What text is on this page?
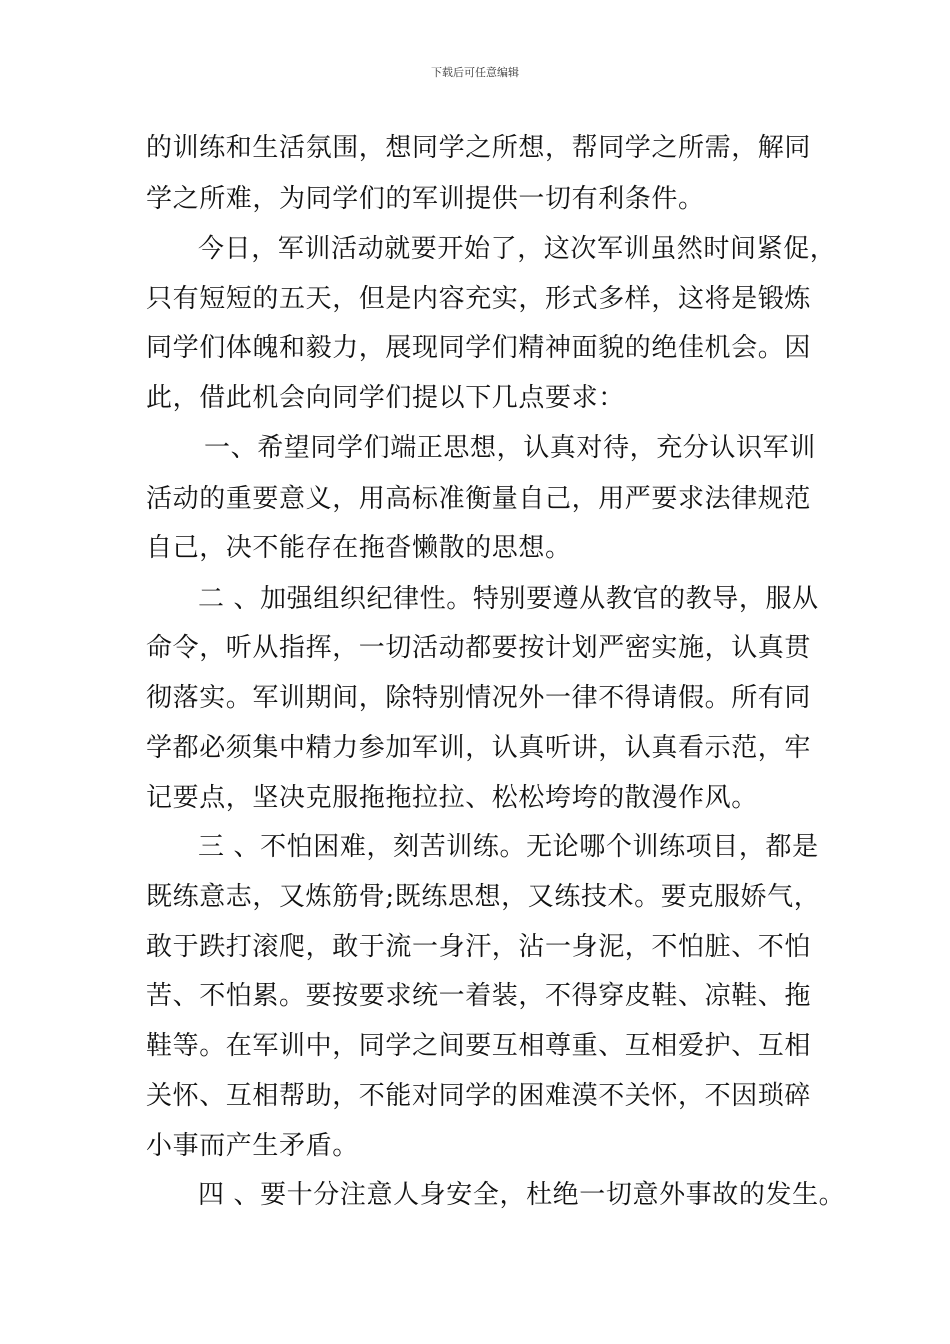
下载后可任意编辑
的训练和生活氛围，想同学之所想，帮同学之所需，解同
学之所难，为同学们的军训提供一切有利条件。
今日，军训活动就要开始了，这次军训虽然时间紧促，
只有短短的五天，但是内容充实，形式多样，这将是锻炼
同学们体魄和毅力，展现同学们精神面貌的绝佳机会。因
此，借此机会向同学们提以下几点要求：
一、希望同学们端正思想，认真对待，充分认识军训
活动的重要意义，用高标准衡量自己，用严要求法律规范
自己，决不能存在拖沓懒散的思想。
二 、加强组织纪律性。特别要遵从教官的教导，服从
命令，听从指挥，一切活动都要按计划严密实施，认真贯
彻落实。军训期间，除特别情况外一律不得请假。所有同
学都必须集中精力参加军训，认真听讲，认真看示范，牢
记要点，坚决克服拖拖拉拉、松松垮垮的散漫作风。
三 、不怕困难，刻苦训练。无论哪个训练项目，都是
既练意志，又炼筋骨;既练思想，又练技术。要克服娇气，
敢于跌打滚爬，敢于流一身汗，沾一身泥，不怕脏、不怕
苦、不怕累。要按要求统一着装，不得穿皮鞋、凉鞋、拖
鞋等。在军训中，同学之间要互相尊重、互相爱护、互相
关怀、互相帮助，不能对同学的困难漠不关怀，不因琐碎
小事而产生矛盾。
四 、要十分注意人身安全，杜绝一切意外事故的发生。
